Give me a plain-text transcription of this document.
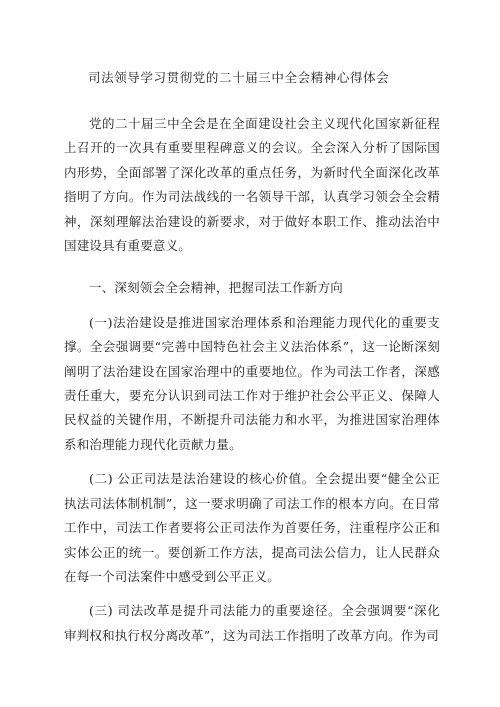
司法领导学习贯彻党的二十届三中全会精神心得体会

党的二十届三中全会是在全面建设社会主义现代化国家新征程上召开的一次具有重要里程碑意义的会议。全会深入分析了国际国内形势，全面部署了深化改革的重点任务，为新时代全面深化改革指明了方向。作为司法战线的一名领导干部，认真学习领会全会精神，深刻理解法治建设的新要求，对于做好本职工作、推动法治中国建设具有重要意义。

一、深刻领会全会精神，把握司法工作新方向

(一)法治建设是推进国家治理体系和治理能力现代化的重要支撑。全会强调要“完善中国特色社会主义法治体系”，这一论断深刻阐明了法治建设在国家治理中的重要地位。作为司法工作者，深感责任重大，要充分认识到司法工作对于维护社会公平正义、保障人民权益的关键作用，不断提升司法能力和水平，为推进国家治理体系和治理能力现代化贡献力量。

(二) 公正司法是法治建设的核心价值。全会提出要“健全公正执法司法体制机制”，这一要求明确了司法工作的根本方向。在日常工作中，司法工作者要将公正司法作为首要任务，注重程序公正和实体公正的统一。要创新工作方法，提高司法公信力，让人民群众在每一个司法案件中感受到公平正义。

(三) 司法改革是提升司法能力的重要途径。全会强调要“深化审判权和执行权分离改革”，这为司法工作指明了改革方向。作为司
